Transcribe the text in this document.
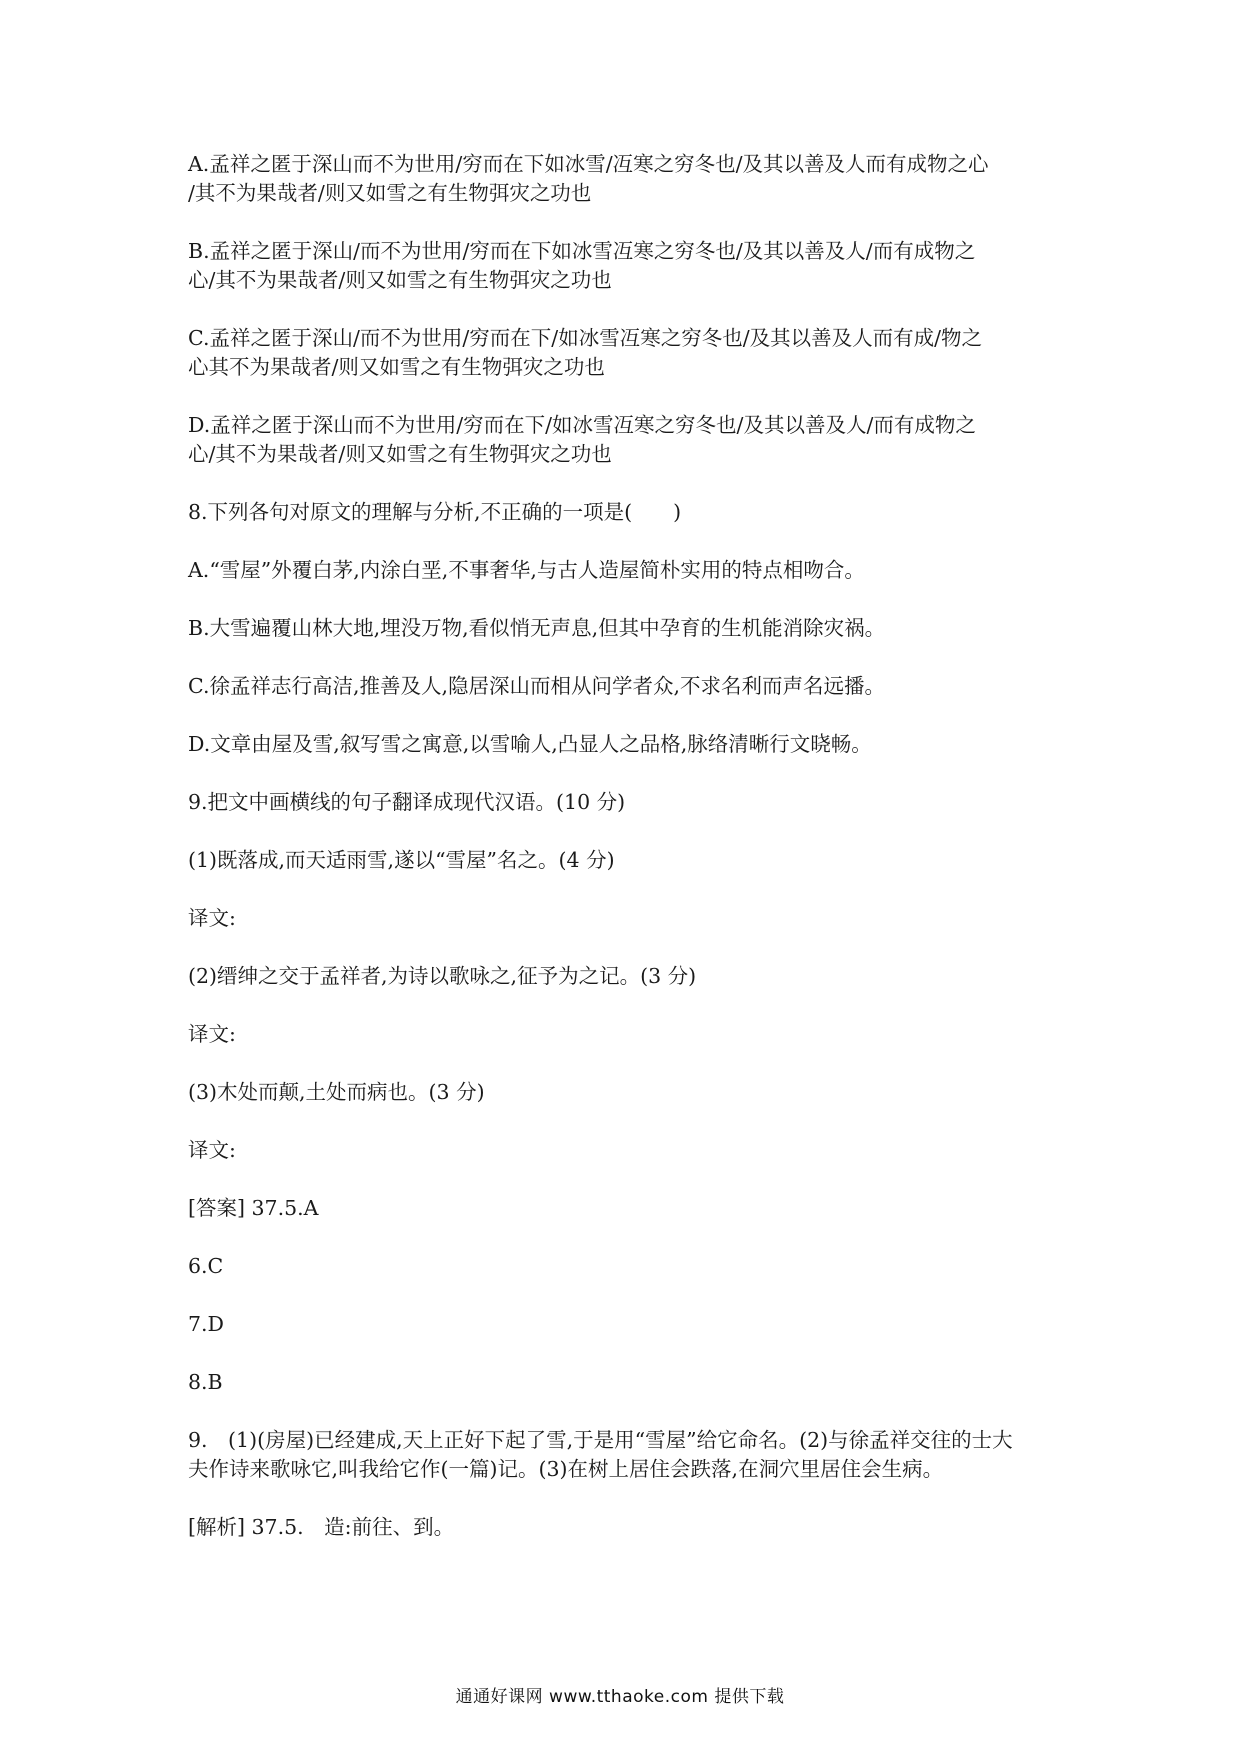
A.孟祥之匿于深山而不为世用/穷而在下如冰雪/冱寒之穷冬也/及其以善及人而有成物之心
/其不为果哉者/则又如雪之有生物弭灾之功也

B.孟祥之匿于深山/而不为世用/穷而在下如冰雪冱寒之穷冬也/及其以善及人/而有成物之
心/其不为果哉者/则又如雪之有生物弭灾之功也

C.孟祥之匿于深山/而不为世用/穷而在下/如冰雪冱寒之穷冬也/及其以善及人而有成/物之
心其不为果哉者/则又如雪之有生物弭灾之功也

D.孟祥之匿于深山而不为世用/穷而在下/如冰雪冱寒之穷冬也/及其以善及人/而有成物之
心/其不为果哉者/则又如雪之有生物弭灾之功也

8.下列各句对原文的理解与分析,不正确的一项是(　　)

A.“雪屋”外覆白茅,内涂白垩,不事奢华,与古人造屋简朴实用的特点相吻合。

B.大雪遍覆山林大地,埋没万物,看似悄无声息,但其中孕育的生机能消除灾祸。

C.徐孟祥志行高洁,推善及人,隐居深山而相从问学者众,不求名利而声名远播。

D.文章由屋及雪,叙写雪之寓意,以雪喻人,凸显人之品格,脉络清晰行文晓畅。

9.把文中画横线的句子翻译成现代汉语。(10 分)

(1)既落成,而天适雨雪,遂以“雪屋”名之。(4 分)

译文:

(2)缙绅之交于孟祥者,为诗以歌咏之,征予为之记。(3 分)

译文:

(3)木处而颠,土处而病也。(3 分)

译文:

[答案] 37.5.A

6.C

7.D

8.B

9.　(1)(房屋)已经建成,天上正好下起了雪,于是用“雪屋”给它命名。(2)与徐孟祥交往的士大
夫作诗来歌咏它,叫我给它作(一篇)记。(3)在树上居住会跌落,在洞穴里居住会生病。

[解析] 37.5.　造:前往、到。

通通好课网 www.tthaoke.com 提供下载
